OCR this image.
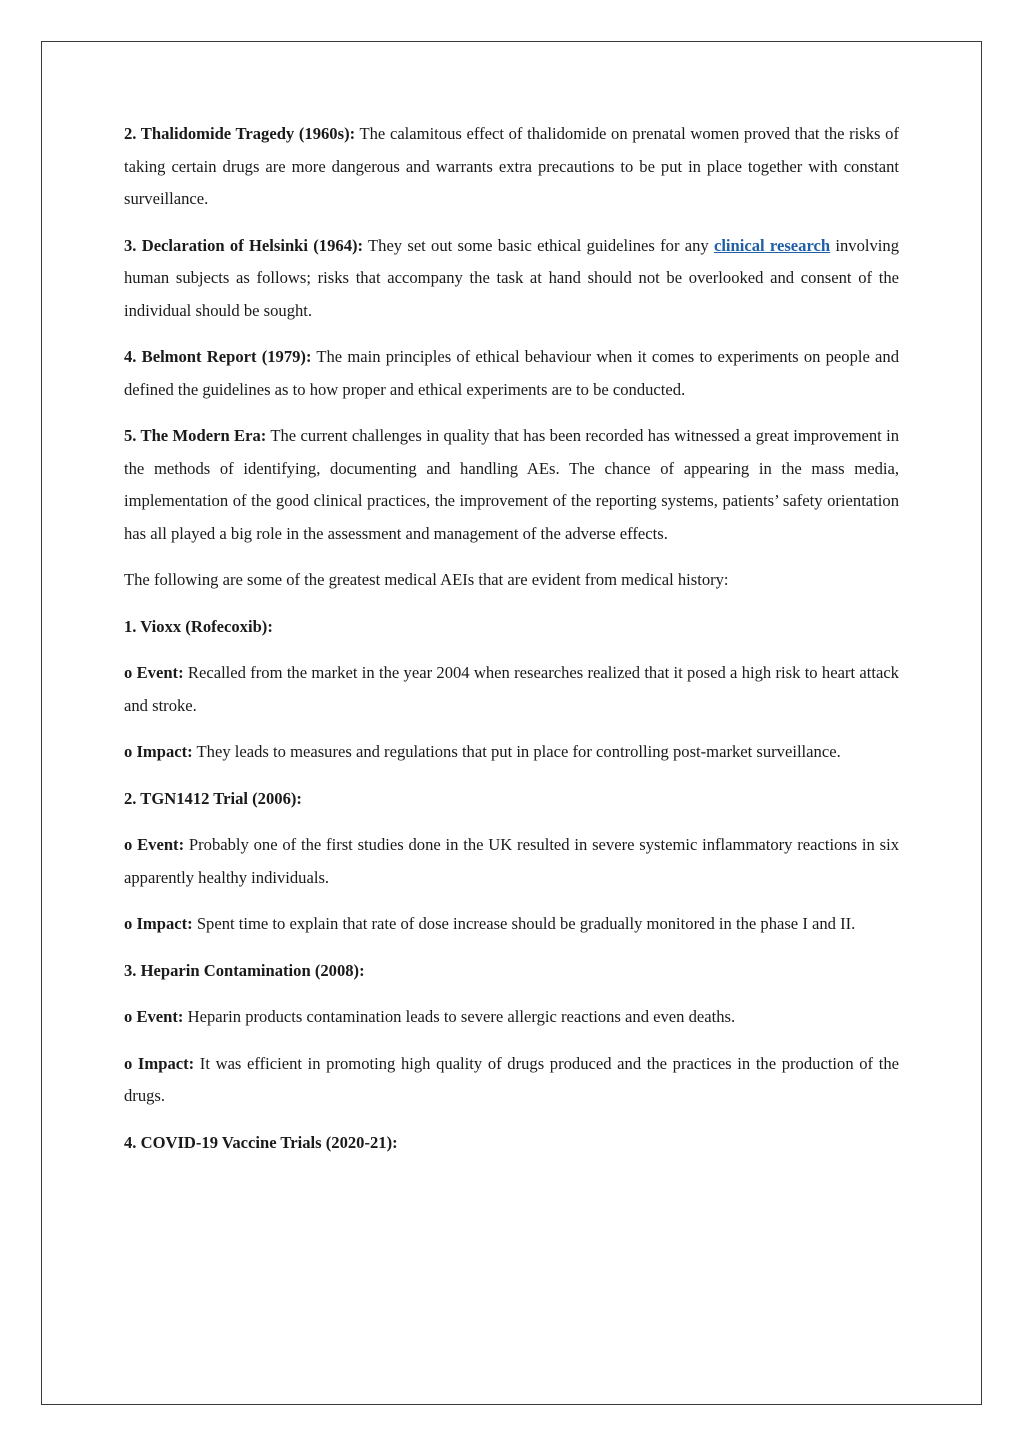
2. Thalidomide Tragedy (1960s): The calamitous effect of thalidomide on prenatal women proved that the risks of taking certain drugs are more dangerous and warrants extra precautions to be put in place together with constant surveillance.

3. Declaration of Helsinki (1964): They set out some basic ethical guidelines for any clinical research involving human subjects as follows; risks that accompany the task at hand should not be overlooked and consent of the individual should be sought.

4. Belmont Report (1979): The main principles of ethical behaviour when it comes to experiments on people and defined the guidelines as to how proper and ethical experiments are to be conducted.

5. The Modern Era: The current challenges in quality that has been recorded has witnessed a great improvement in the methods of identifying, documenting and handling AEs. The chance of appearing in the mass media, implementation of the good clinical practices, the improvement of the reporting systems, patients’ safety orientation has all played a big role in the assessment and management of the adverse effects.

The following are some of the greatest medical AEIs that are evident from medical history:

1. Vioxx (Rofecoxib):

o Event: Recalled from the market in the year 2004 when researches realized that it posed a high risk to heart attack and stroke.

o Impact: They leads to measures and regulations that put in place for controlling post-market surveillance.

2. TGN1412 Trial (2006):

o Event: Probably one of the first studies done in the UK resulted in severe systemic inflammatory reactions in six apparently healthy individuals.

o Impact: Spent time to explain that rate of dose increase should be gradually monitored in the phase I and II.

3. Heparin Contamination (2008):

o Event: Heparin products contamination leads to severe allergic reactions and even deaths.

o Impact: It was efficient in promoting high quality of drugs produced and the practices in the production of the drugs.

4. COVID-19 Vaccine Trials (2020-21):
